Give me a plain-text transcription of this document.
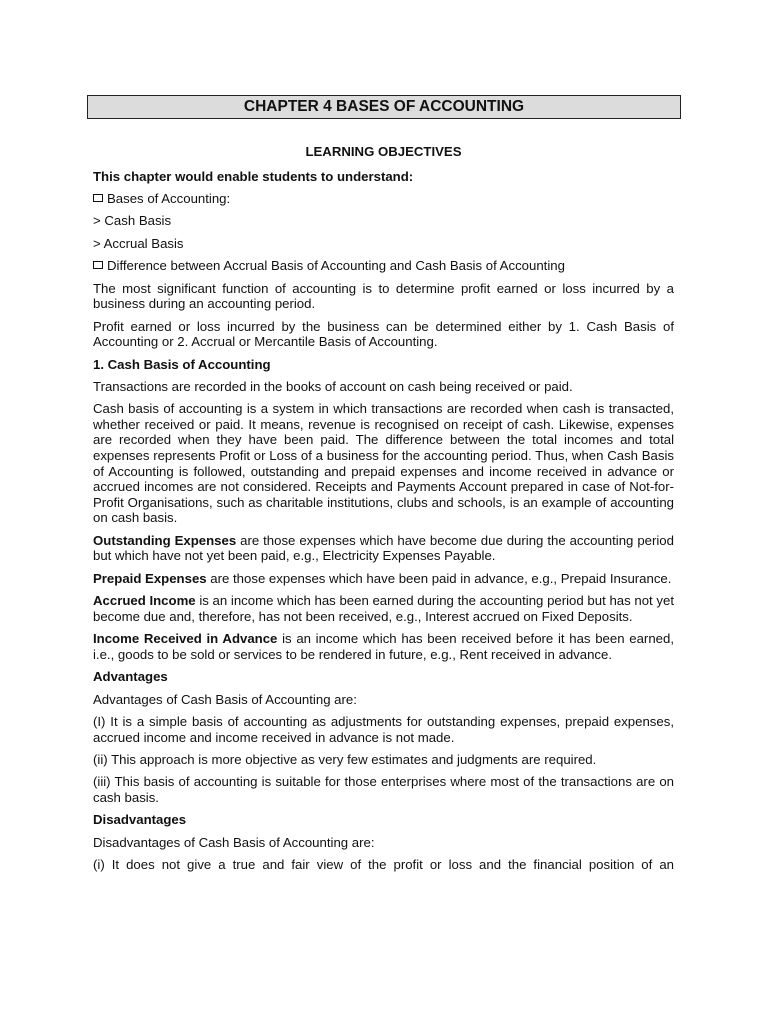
CHAPTER 4 BASES OF ACCOUNTING

LEARNING OBJECTIVES

This chapter would enable students to understand:

Bases of Accounting:

> Cash Basis

> Accrual Basis

Difference between Accrual Basis of Accounting and Cash Basis of Accounting

The most significant function of accounting is to determine profit earned or loss incurred by a business during an accounting period.

Profit earned or loss incurred by the business can be determined either by 1. Cash Basis of Accounting or 2. Accrual or Mercantile Basis of Accounting.

1. Cash Basis of Accounting

Transactions are recorded in the books of account on cash being received or paid.

Cash basis of accounting is a system in which transactions are recorded when cash is transacted, whether received or paid. It means, revenue is recognised on receipt of cash. Likewise, expenses are recorded when they have been paid. The difference between the total incomes and total expenses represents Profit or Loss of a business for the accounting period. Thus, when Cash Basis of Accounting is followed, outstanding and prepaid expenses and income received in advance or accrued incomes are not considered. Receipts and Payments Account prepared in case of Not-for-Profit Organisations, such as charitable institutions, clubs and schools, is an example of accounting on cash basis.

Outstanding Expenses are those expenses which have become due during the accounting period but which have not yet been paid, e.g., Electricity Expenses Payable.

Prepaid Expenses are those expenses which have been paid in advance, e.g., Prepaid Insurance.

Accrued Income is an income which has been earned during the accounting period but has not yet become due and, therefore, has not been received, e.g., Interest accrued on Fixed Deposits.

Income Received in Advance is an income which has been received before it has been earned, i.e., goods to be sold or services to be rendered in future, e.g., Rent received in advance.

Advantages

Advantages of Cash Basis of Accounting are:

(I) It is a simple basis of accounting as adjustments for outstanding expenses, prepaid expenses, accrued income and income received in advance is not made.

(ii) This approach is more objective as very few estimates and judgments are required.

(iii) This basis of accounting is suitable for those enterprises where most of the transactions are on cash basis.

Disadvantages

Disadvantages of Cash Basis of Accounting are:

(i) It does not give a true and fair view of the profit or loss and the financial position of an
